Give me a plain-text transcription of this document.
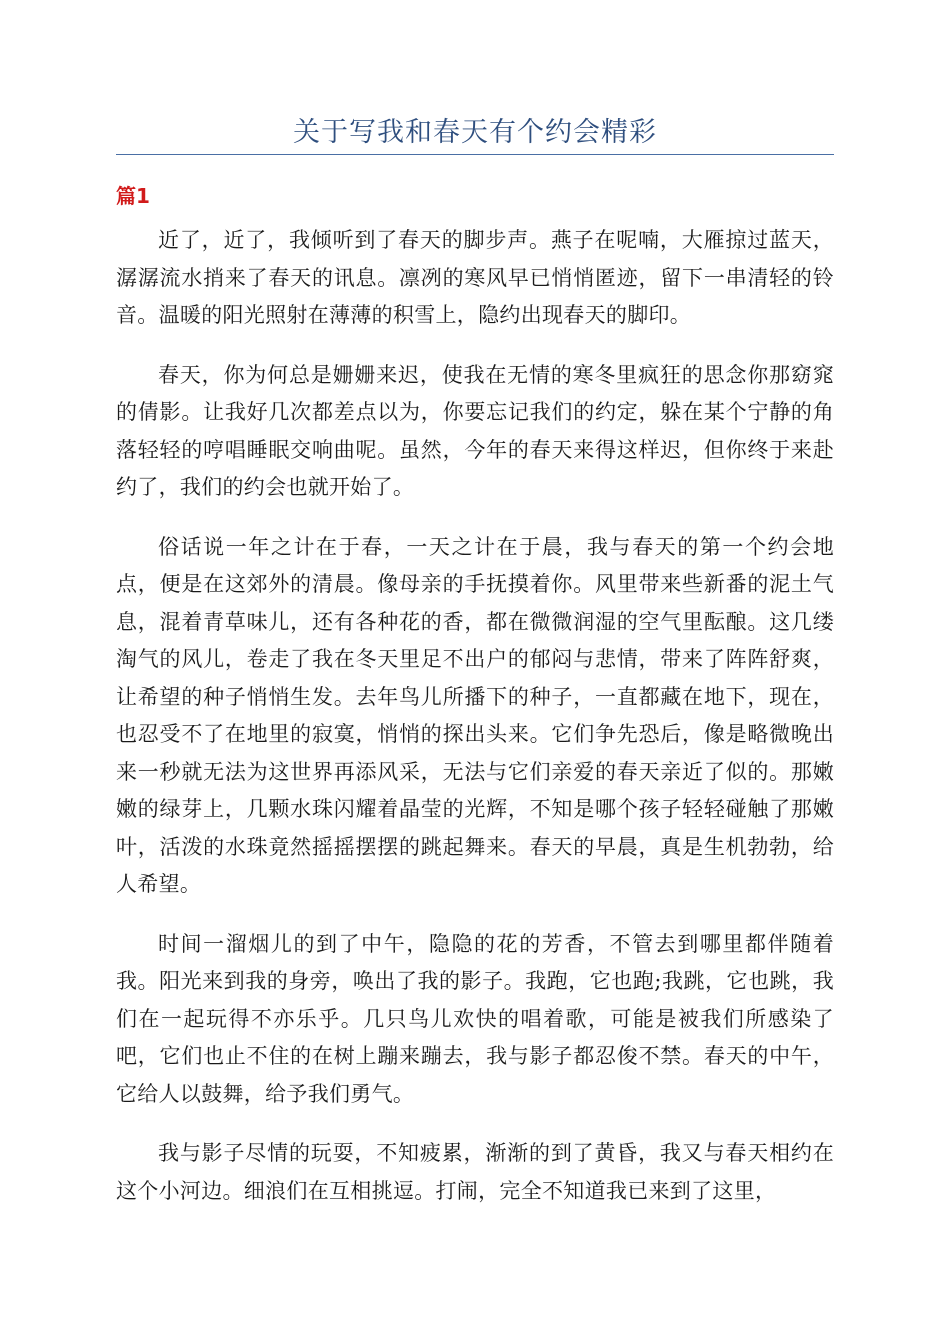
关于写我和春天有个约会精彩
篇1

近了，近了，我倾听到了春天的脚步声。燕子在呢喃，大雁掠过蓝天，潺潺流水捎来了春天的讯息。凛冽的寒风早已悄悄匿迹，留下一串清轻的铃音。温暖的阳光照射在薄薄的积雪上，隐约出现春天的脚印。

春天，你为何总是姗姗来迟，使我在无情的寒冬里疯狂的思念你那窈窕的倩影。让我好几次都差点以为，你要忘记我们的约定，躲在某个宁静的角落轻轻的哼唱睡眠交响曲呢。虽然，今年的春天来得这样迟，但你终于来赴约了，我们的约会也就开始了。

俗话说一年之计在于春，一天之计在于晨，我与春天的第一个约会地点，便是在这郊外的清晨。像母亲的手抚摸着你。风里带来些新番的泥土气息，混着青草味儿，还有各种花的香，都在微微润湿的空气里酝酿。这几缕淘气的风儿，卷走了我在冬天里足不出户的郁闷与悲情，带来了阵阵舒爽，让希望的种子悄悄生发。去年鸟儿所播下的种子，一直都藏在地下，现在，也忍受不了在地里的寂寞，悄悄的探出头来。它们争先恐后，像是略微晚出来一秒就无法为这世界再添风采，无法与它们亲爱的春天亲近了似的。那嫩嫩的绿芽上，几颗水珠闪耀着晶莹的光辉，不知是哪个孩子轻轻碰触了那嫩叶，活泼的水珠竟然摇摇摆摆的跳起舞来。春天的早晨，真是生机勃勃，给人希望。

时间一溜烟儿的到了中午，隐隐的花的芳香，不管去到哪里都伴随着我。阳光来到我的身旁，唤出了我的影子。我跑，它也跑;我跳，它也跳，我们在一起玩得不亦乐乎。几只鸟儿欢快的唱着歌，可能是被我们所感染了吧，它们也止不住的在树上蹦来蹦去，我与影子都忍俊不禁。春天的中午，它给人以鼓舞，给予我们勇气。

我与影子尽情的玩耍，不知疲累，渐渐的到了黄昏，我又与春天相约在这个小河边。细浪们在互相挑逗。打闹，完全不知道我已来到了这里，
